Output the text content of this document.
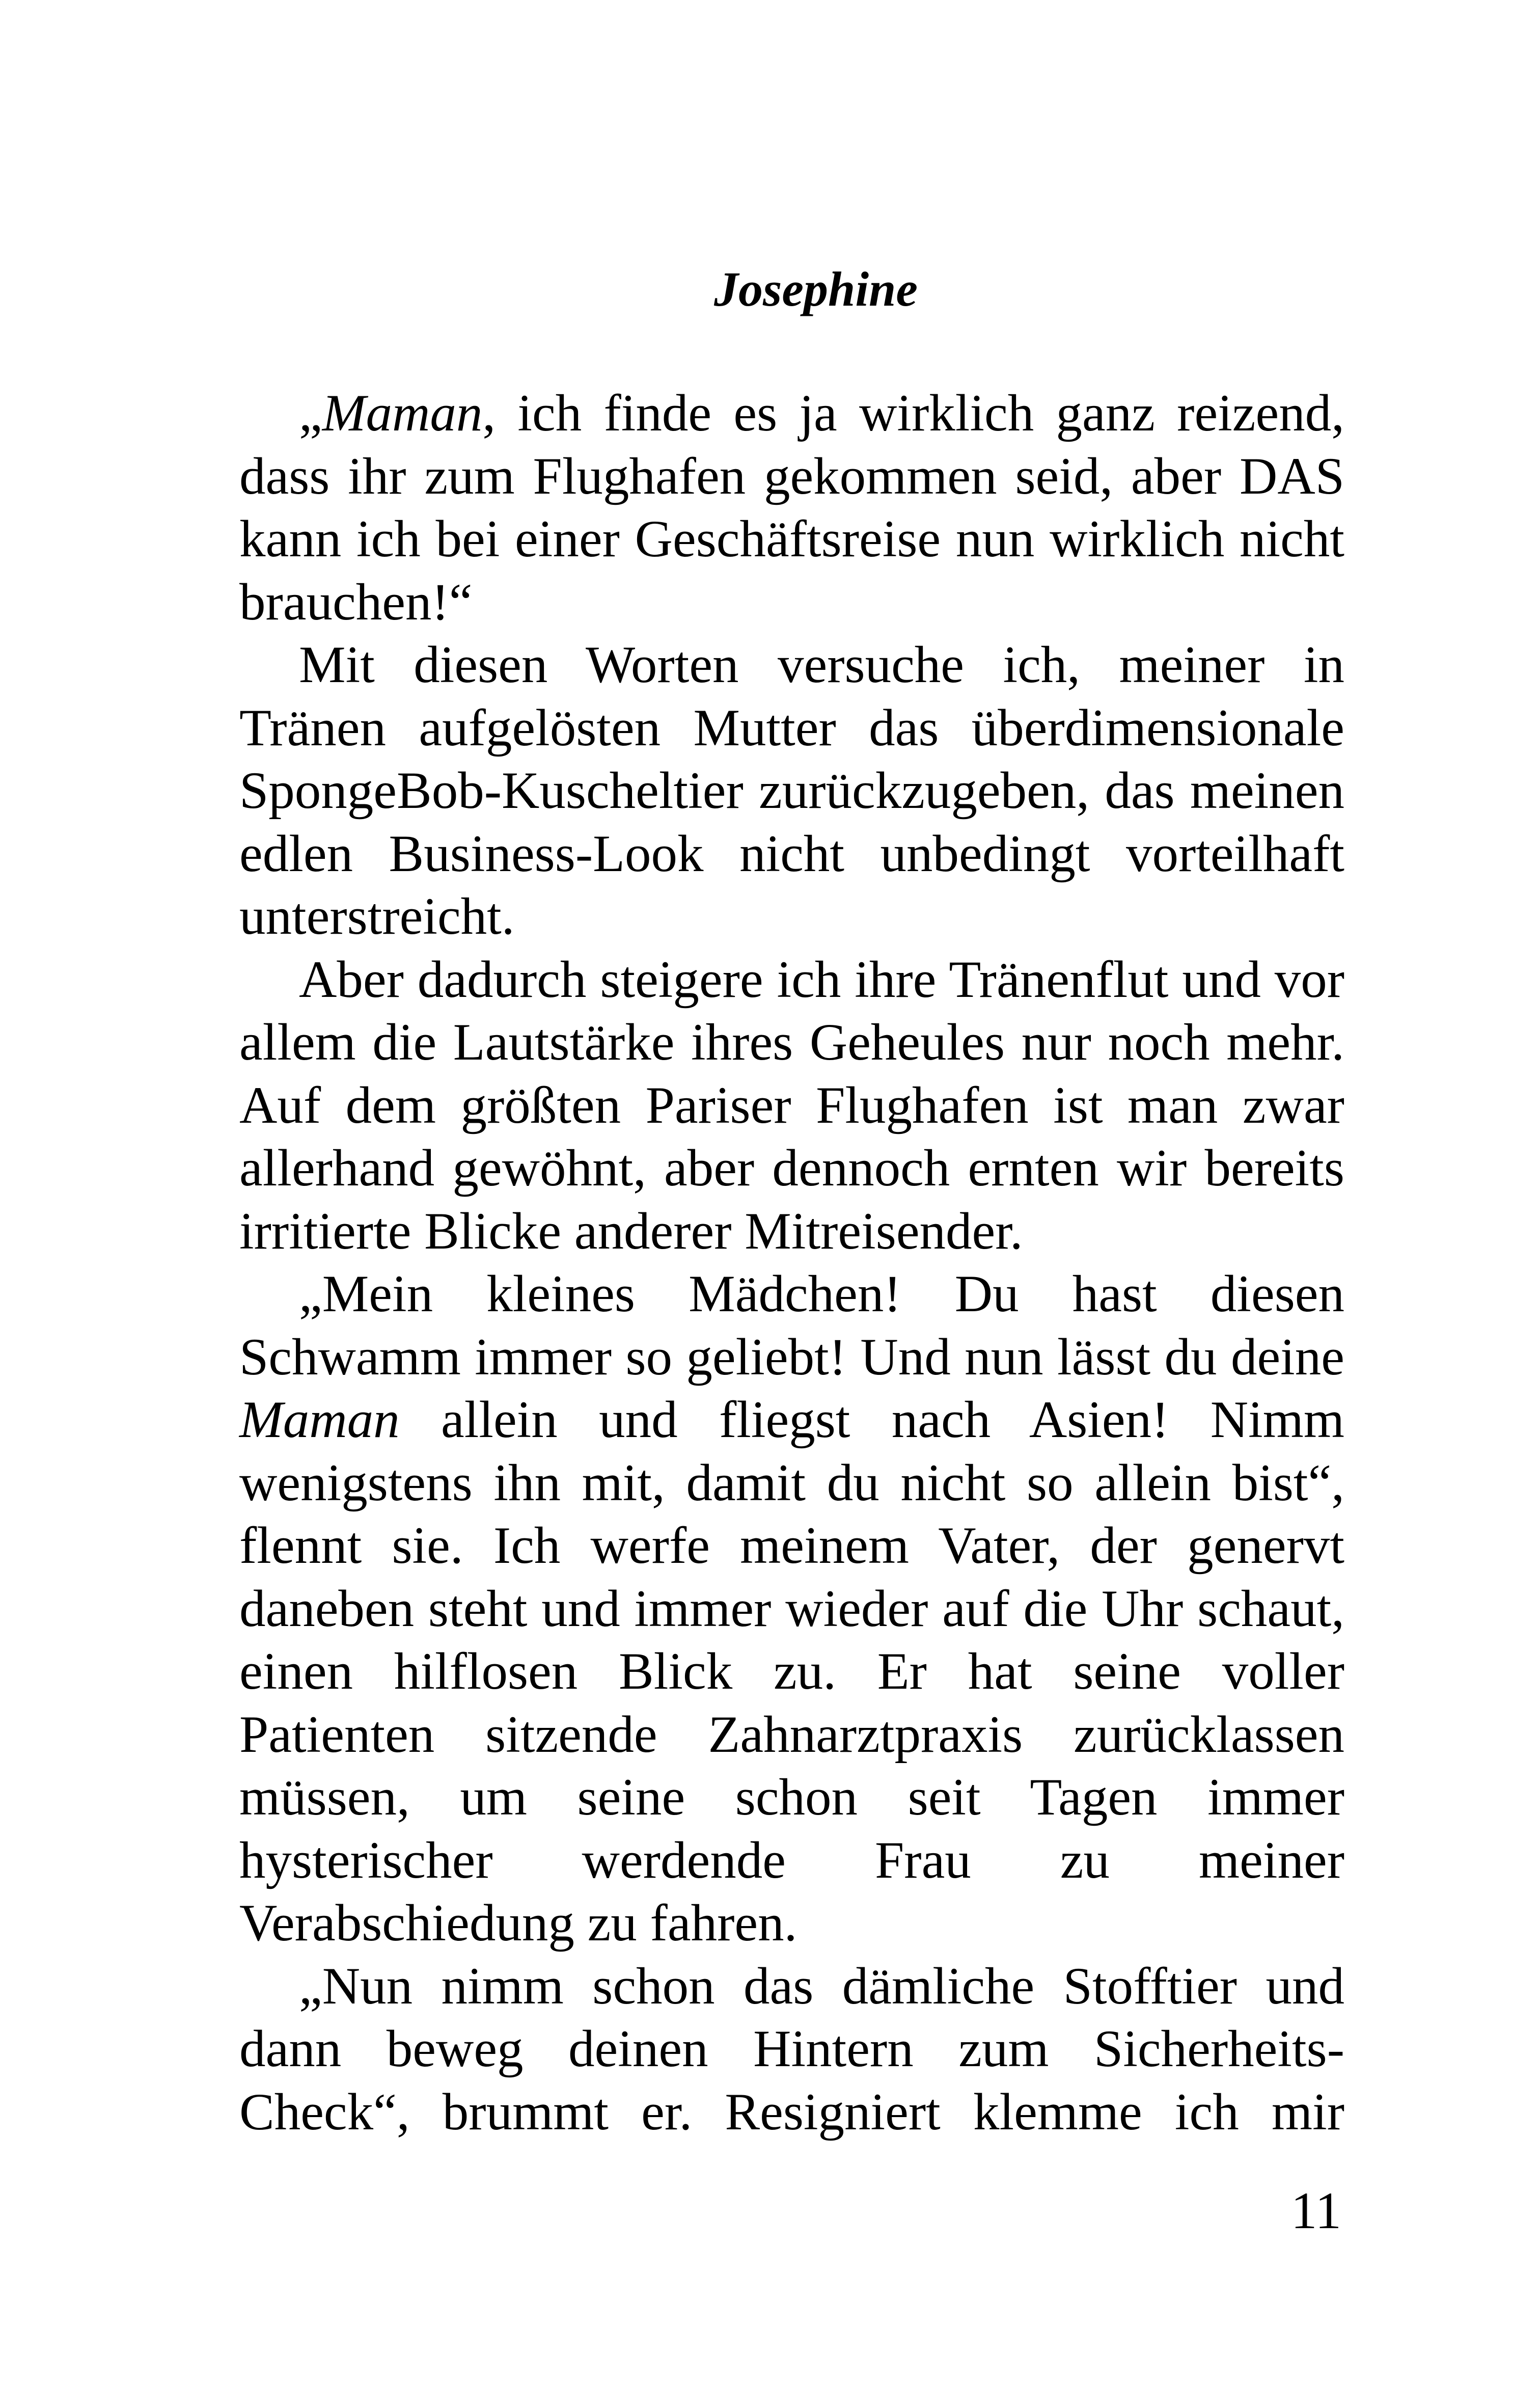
Josephine

„Maman, ich finde es ja wirklich ganz reizend, dass ihr zum Flughafen gekommen seid, aber DAS kann ich bei einer Geschäftsreise nun wirklich nicht brauchen!“

Mit diesen Worten versuche ich, meiner in Tränen aufgelösten Mutter das überdimensionale SpongeBob-Kuscheltier zurückzugeben, das meinen edlen Business-Look nicht unbedingt vorteilhaft unterstreicht.

Aber dadurch steigere ich ihre Tränenflut und vor allem die Lautstärke ihres Geheules nur noch mehr. Auf dem größten Pariser Flughafen ist man zwar allerhand gewöhnt, aber dennoch ernten wir bereits irritierte Blicke anderer Mitreisender.

„Mein kleines Mädchen! Du hast diesen Schwamm immer so geliebt! Und nun lässt du deine Maman allein und fliegst nach Asien! Nimm wenigstens ihn mit, damit du nicht so allein bist“, flennt sie. Ich werfe meinem Vater, der genervt daneben steht und immer wieder auf die Uhr schaut, einen hilflosen Blick zu. Er hat seine voller Patienten sitzende Zahnarztpraxis zurücklassen müssen, um seine schon seit Tagen immer hysterischer werdende Frau zu meiner Verabschiedung zu fahren.

„Nun nimm schon das dämliche Stofftier und dann beweg deinen Hintern zum Sicherheits-Check“, brummt er. Resigniert klemme ich mir

11
